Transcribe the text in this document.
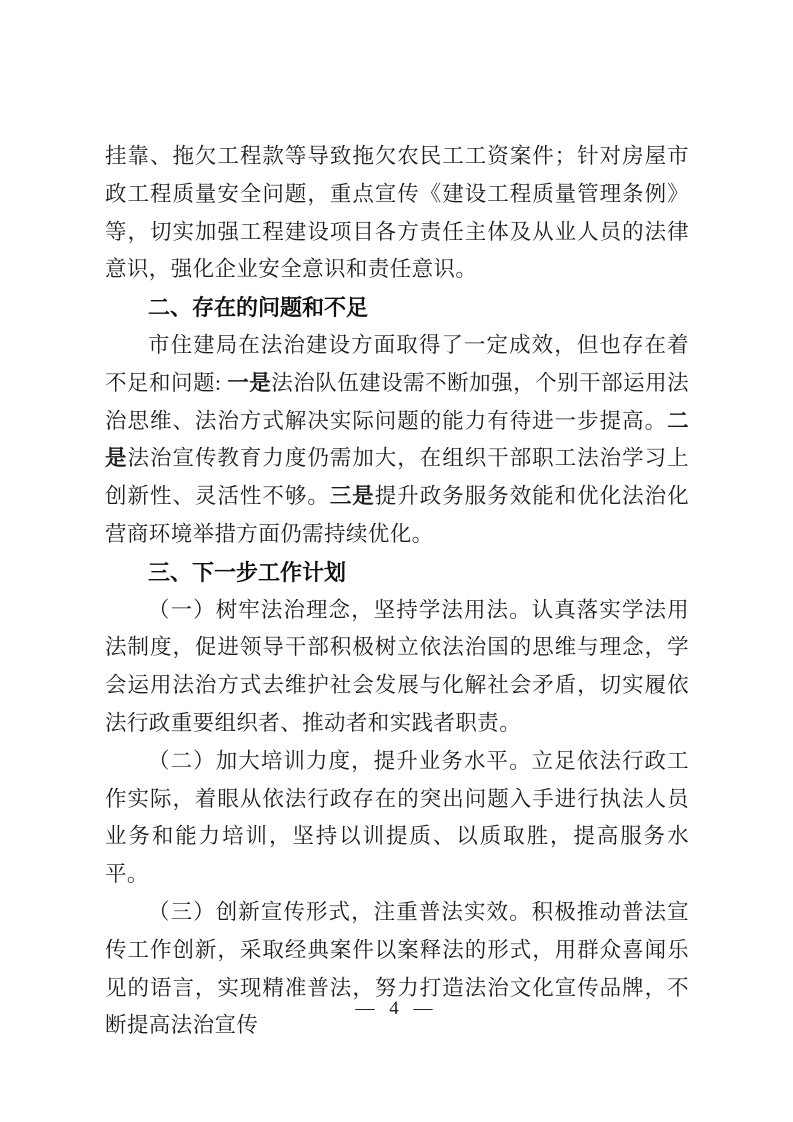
挂靠、拖欠工程款等导致拖欠农民工工资案件；针对房屋市政工程质量安全问题，重点宣传《建设工程质量管理条例》等，切实加强工程建设项目各方责任主体及从业人员的法律意识，强化企业安全意识和责任意识。

二、存在的问题和不足

市住建局在法治建设方面取得了一定成效，但也存在着不足和问题: 一是法治队伍建设需不断加强，个别干部运用法治思维、法治方式解决实际问题的能力有待进一步提高。二是法治宣传教育力度仍需加大，在组织干部职工法治学习上创新性、灵活性不够。三是提升政务服务效能和优化法治化营商环境举措方面仍需持续优化。

三、下一步工作计划

（一）树牢法治理念，坚持学法用法。认真落实学法用法制度，促进领导干部积极树立依法治国的思维与理念，学会运用法治方式去维护社会发展与化解社会矛盾，切实履依法行政重要组织者、推动者和实践者职责。

（二）加大培训力度，提升业务水平。立足依法行政工作实际，着眼从依法行政存在的突出问题入手进行执法人员业务和能力培训，坚持以训提质、以质取胜，提高服务水平。

（三）创新宣传形式，注重普法实效。积极推动普法宣传工作创新，采取经典案件以案释法的形式，用群众喜闻乐见的语言，实现精准普法，努力打造法治文化宣传品牌，不断提高法治宣传

— 4 —
